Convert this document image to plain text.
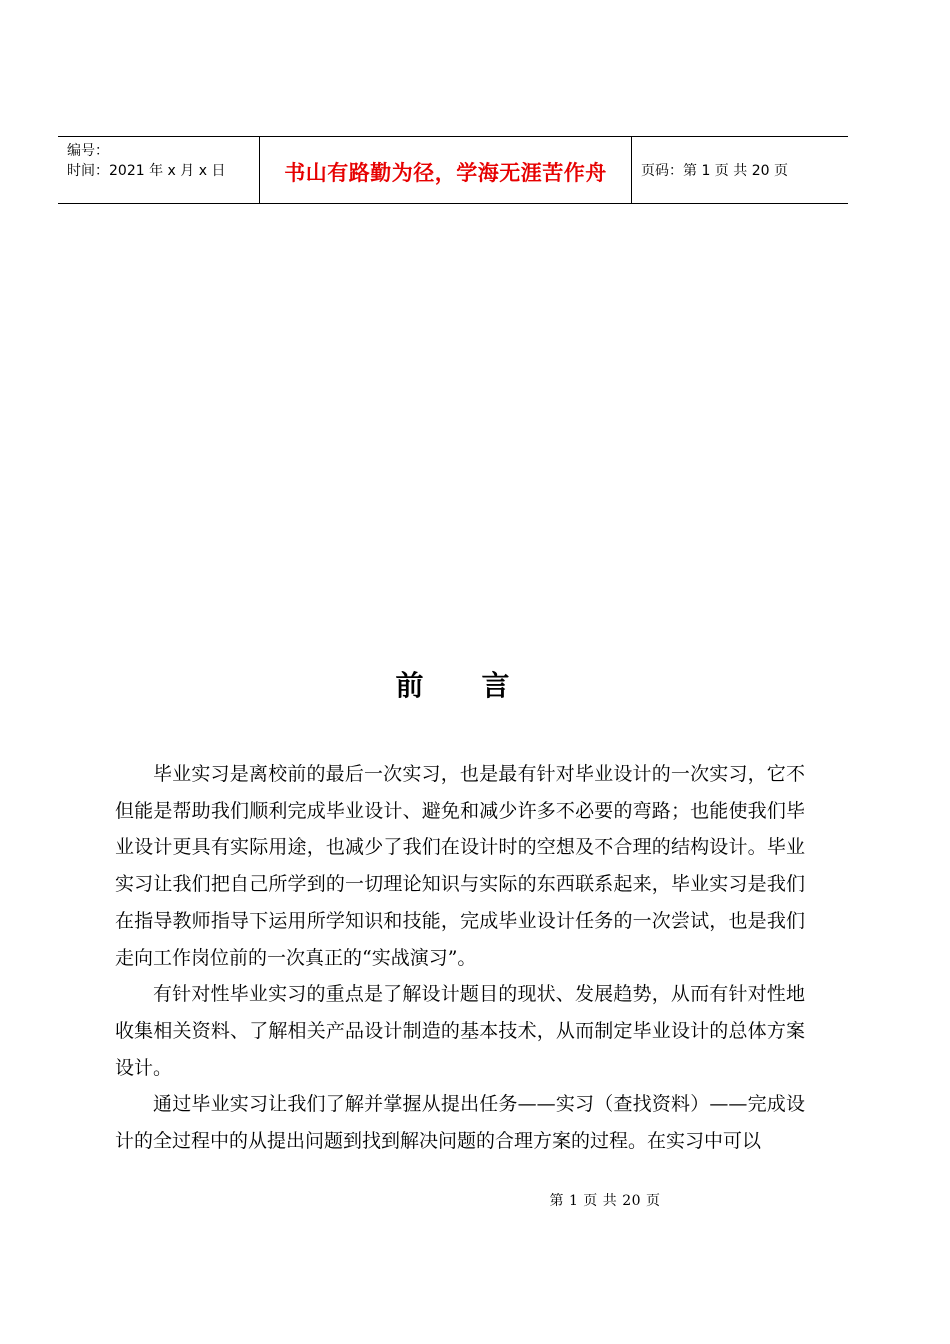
编号：
时间：2021 年 x 月 x 日	书山有路勤为径，学海无涯苦作舟 页码：第 1 页 共 20 页
前 言

毕业实习是离校前的最后一次实习，也是最有针对毕业设计的一次实习，它不但能是帮助我们顺利完成毕业设计、避免和减少许多不必要的弯路；也能使我们毕业设计更具有实际用途，也减少了我们在设计时的空想及不合理的结构设计。毕业实习让我们把自己所学到的一切理论知识与实际的东西联系起来，毕业实习是我们在指导教师指导下运用所学知识和技能，完成毕业设计任务的一次尝试，也是我们走向工作岗位前的一次真正的“实战演习”。

有针对性毕业实习的重点是了解设计题目的现状、发展趋势，从而有针对性地收集相关资料、了解相关产品设计制造的基本技术，从而制定毕业设计的总体方案设计。

通过毕业实习让我们了解并掌握从提出任务——实习（查找资料）——完成设计的全过程中的从提出问题到找到解决问题的合理方案的过程。在实习中可以

第 1 页 共 20 页
